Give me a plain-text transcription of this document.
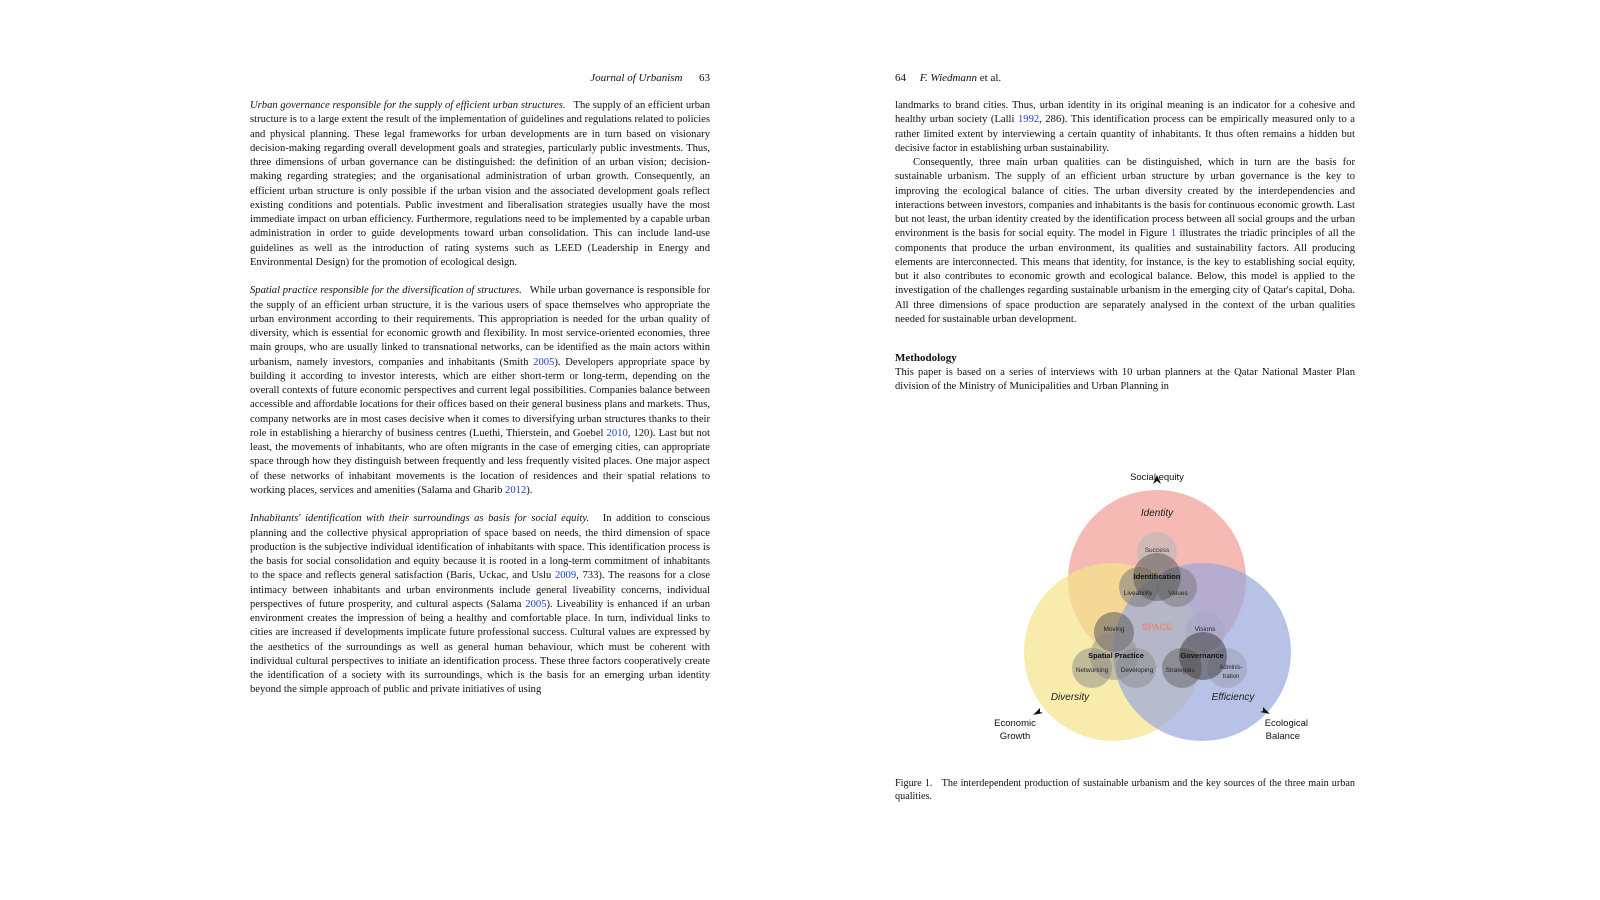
Journal of Urbanism 63

Urban governance responsible for the supply of efficient urban structures. The supply of an efficient urban structure is to a large extent the result of the implementation of guidelines and regulations related to policies and physical planning. These legal frameworks for urban developments are in turn based on visionary decision-making regarding overall development goals and strategies, particularly public investments. Thus, three dimensions of urban governance can be distinguished: the definition of an urban vision; decision-making regarding strategies; and the organisational administration of urban growth. Consequently, an efficient urban structure is only possible if the urban vision and the associated development goals reflect existing conditions and potentials. Public investment and liberalisation strategies usually have the most immediate impact on urban efficiency. Furthermore, regulations need to be implemented by a capable urban administration in order to guide developments toward urban consolidation. This can include land-use guidelines as well as the introduction of rating systems such as LEED (Leadership in Energy and Environmental Design) for the promotion of ecological design.

Spatial practice responsible for the diversification of structures. While urban governance is responsible for the supply of an efficient urban structure, it is the various users of space themselves who appropriate the urban environment according to their requirements. This appropriation is needed for the urban quality of diversity, which is essential for economic growth and flexibility. In most service-oriented economies, three main groups, who are usually linked to transnational networks, can be identified as the main actors within urbanism, namely investors, companies and inhabitants (Smith 2005). Developers appropriate space by building it according to investor interests, which are either short-term or long-term, depending on the overall contexts of future economic perspectives and current legal possibilities. Companies balance between accessible and affordable locations for their offices based on their general business plans and markets. Thus, company networks are in most cases decisive when it comes to diversifying urban structures thanks to their role in establishing a hierarchy of business centres (Luethi, Thierstein, and Goebel 2010, 120). Last but not least, the movements of inhabitants, who are often migrants in the case of emerging cities, can appropriate space through how they distinguish between frequently and less frequently visited places. One major aspect of these networks of inhabitant movements is the location of residences and their spatial relations to working places, services and amenities (Salama and Gharib 2012).

Inhabitants' identification with their surroundings as basis for social equity. In addition to conscious planning and the collective physical appropriation of space based on needs, the third dimension of space production is the subjective individual identification of inhabitants with space. This identification process is the basis for social consolidation and equity because it is rooted in a long-term commitment of inhabitants to the space and reflects general satisfaction (Baris, Uckac, and Uslu 2009, 733). The reasons for a close intimacy between inhabitants and urban environments include general liveability concerns, individual perspectives of future prosperity, and cultural aspects (Salama 2005). Liveability is enhanced if an urban environment creates the impression of being a healthy and comfortable place. In turn, individual links to cities are increased if developments implicate future professional success. Cultural values are expressed by the aesthetics of the surroundings as well as general human behaviour, which must be coherent with individual cultural perspectives to initiate an identification process. These three factors cooperatively create the identification of a society with its surroundings, which is the basis for an emerging urban identity beyond the simple approach of public and private initiatives of using

64 F. Wiedmann et al.

landmarks to brand cities. Thus, urban identity in its original meaning is an indicator for a cohesive and healthy urban society (Lalli 1992, 286). This identification process can be empirically measured only to a rather limited extent by interviewing a certain quantity of inhabitants. It thus often remains a hidden but decisive factor in establishing urban sustainability.

Consequently, three main urban qualities can be distinguished, which in turn are the basis for sustainable urbanism. The supply of an efficient urban structure by urban governance is the key to improving the ecological balance of cities. The urban diversity created by the interdependencies and interactions between investors, companies and inhabitants is the basis for continuous economic growth. Last but not least, the urban identity created by the identification process between all social groups and the urban environment is the basis for social equity. The model in Figure 1 illustrates the triadic principles of all the components that produce the urban environment, its qualities and sustainability factors. All producing elements are interconnected. This means that identity, for instance, is the key to establishing social equity, but it also contributes to economic growth and ecological balance. Below, this model is applied to the investigation of the challenges regarding sustainable urbanism in the emerging city of Qatar's capital, Doha. All three dimensions of space production are separately analysed in the context of the urban qualities needed for sustainable urban development.

Methodology

This paper is based on a series of interviews with 10 urban planners at the Qatar National Master Plan division of the Ministry of Municipalities and Urban Planning in

Social equity
Economic
Growth
Ecological
Balance
Identity
Diversity	Efficiency
SPACE
Success
Identification
Liveability Values
Moving
Spatial Practice
Networking Developing
Visions
Governance
Strategies	Adminis-
tration
Figure 1. The interdependent production of sustainable urbanism and the key sources of the three main urban qualities.
